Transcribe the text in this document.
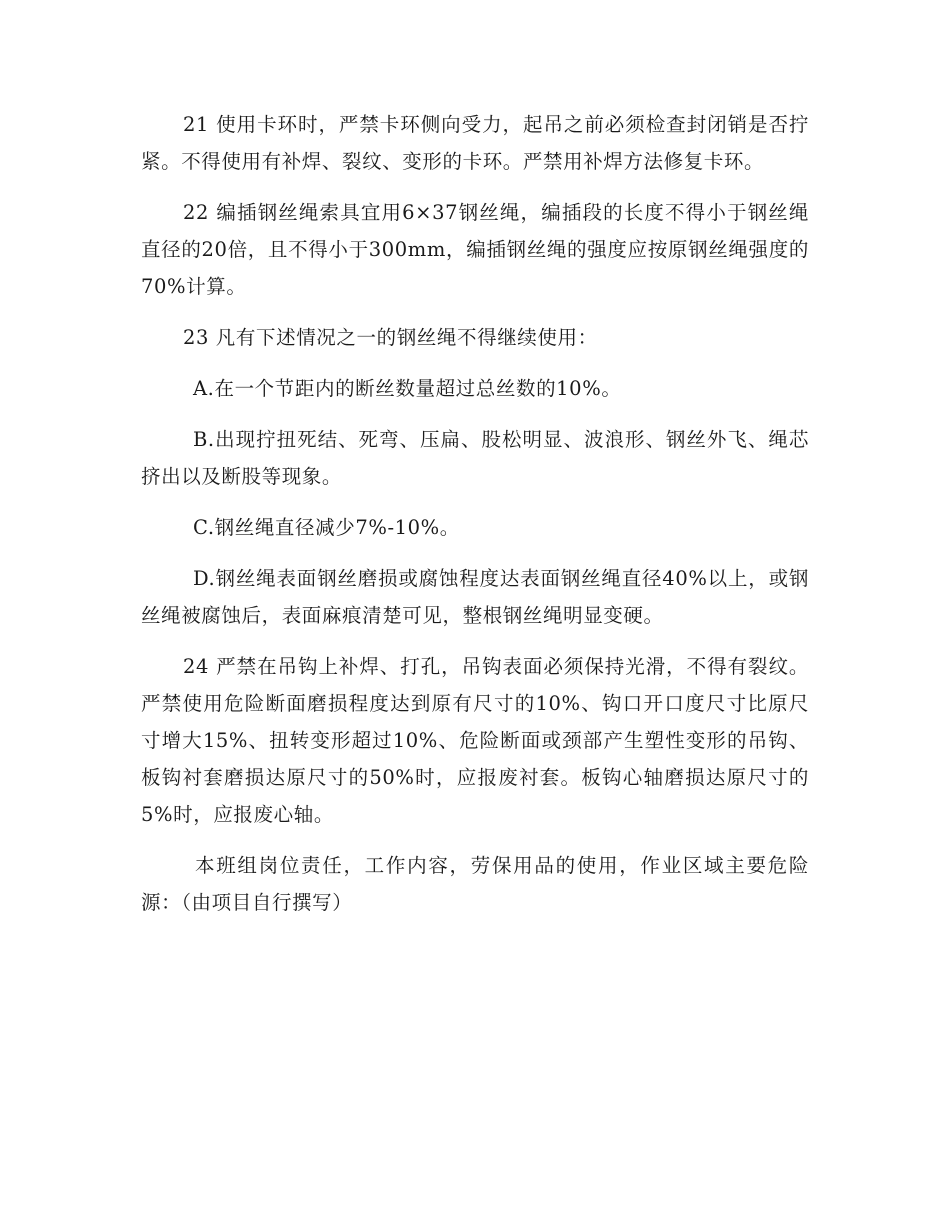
21 使用卡环时，严禁卡环侧向受力，起吊之前必须检查封闭销是否拧紧。不得使用有补焊、裂纹、变形的卡环。严禁用补焊方法修复卡环。

22 编插钢丝绳索具宜用6×37钢丝绳，编插段的长度不得小于钢丝绳直径的20倍，且不得小于300mm，编插钢丝绳的强度应按原钢丝绳强度的70%计算。

23 凡有下述情况之一的钢丝绳不得继续使用：

A.在一个节距内的断丝数量超过总丝数的10%。

B.出现拧扭死结、死弯、压扁、股松明显、波浪形、钢丝外飞、绳芯挤出以及断股等现象。

C.钢丝绳直径减少7%-10%。

D.钢丝绳表面钢丝磨损或腐蚀程度达表面钢丝绳直径40%以上，或钢丝绳被腐蚀后，表面麻痕清楚可见，整根钢丝绳明显变硬。

24 严禁在吊钩上补焊、打孔，吊钩表面必须保持光滑，不得有裂纹。严禁使用危险断面磨损程度达到原有尺寸的10%、钩口开口度尺寸比原尺寸增大15%、扭转变形超过10%、危险断面或颈部产生塑性变形的吊钩、板钩衬套磨损达原尺寸的50%时，应报废衬套。板钩心轴磨损达原尺寸的5%时，应报废心轴。

本班组岗位责任，工作内容，劳保用品的使用，作业区域主要危险源：（由项目自行撰写）
